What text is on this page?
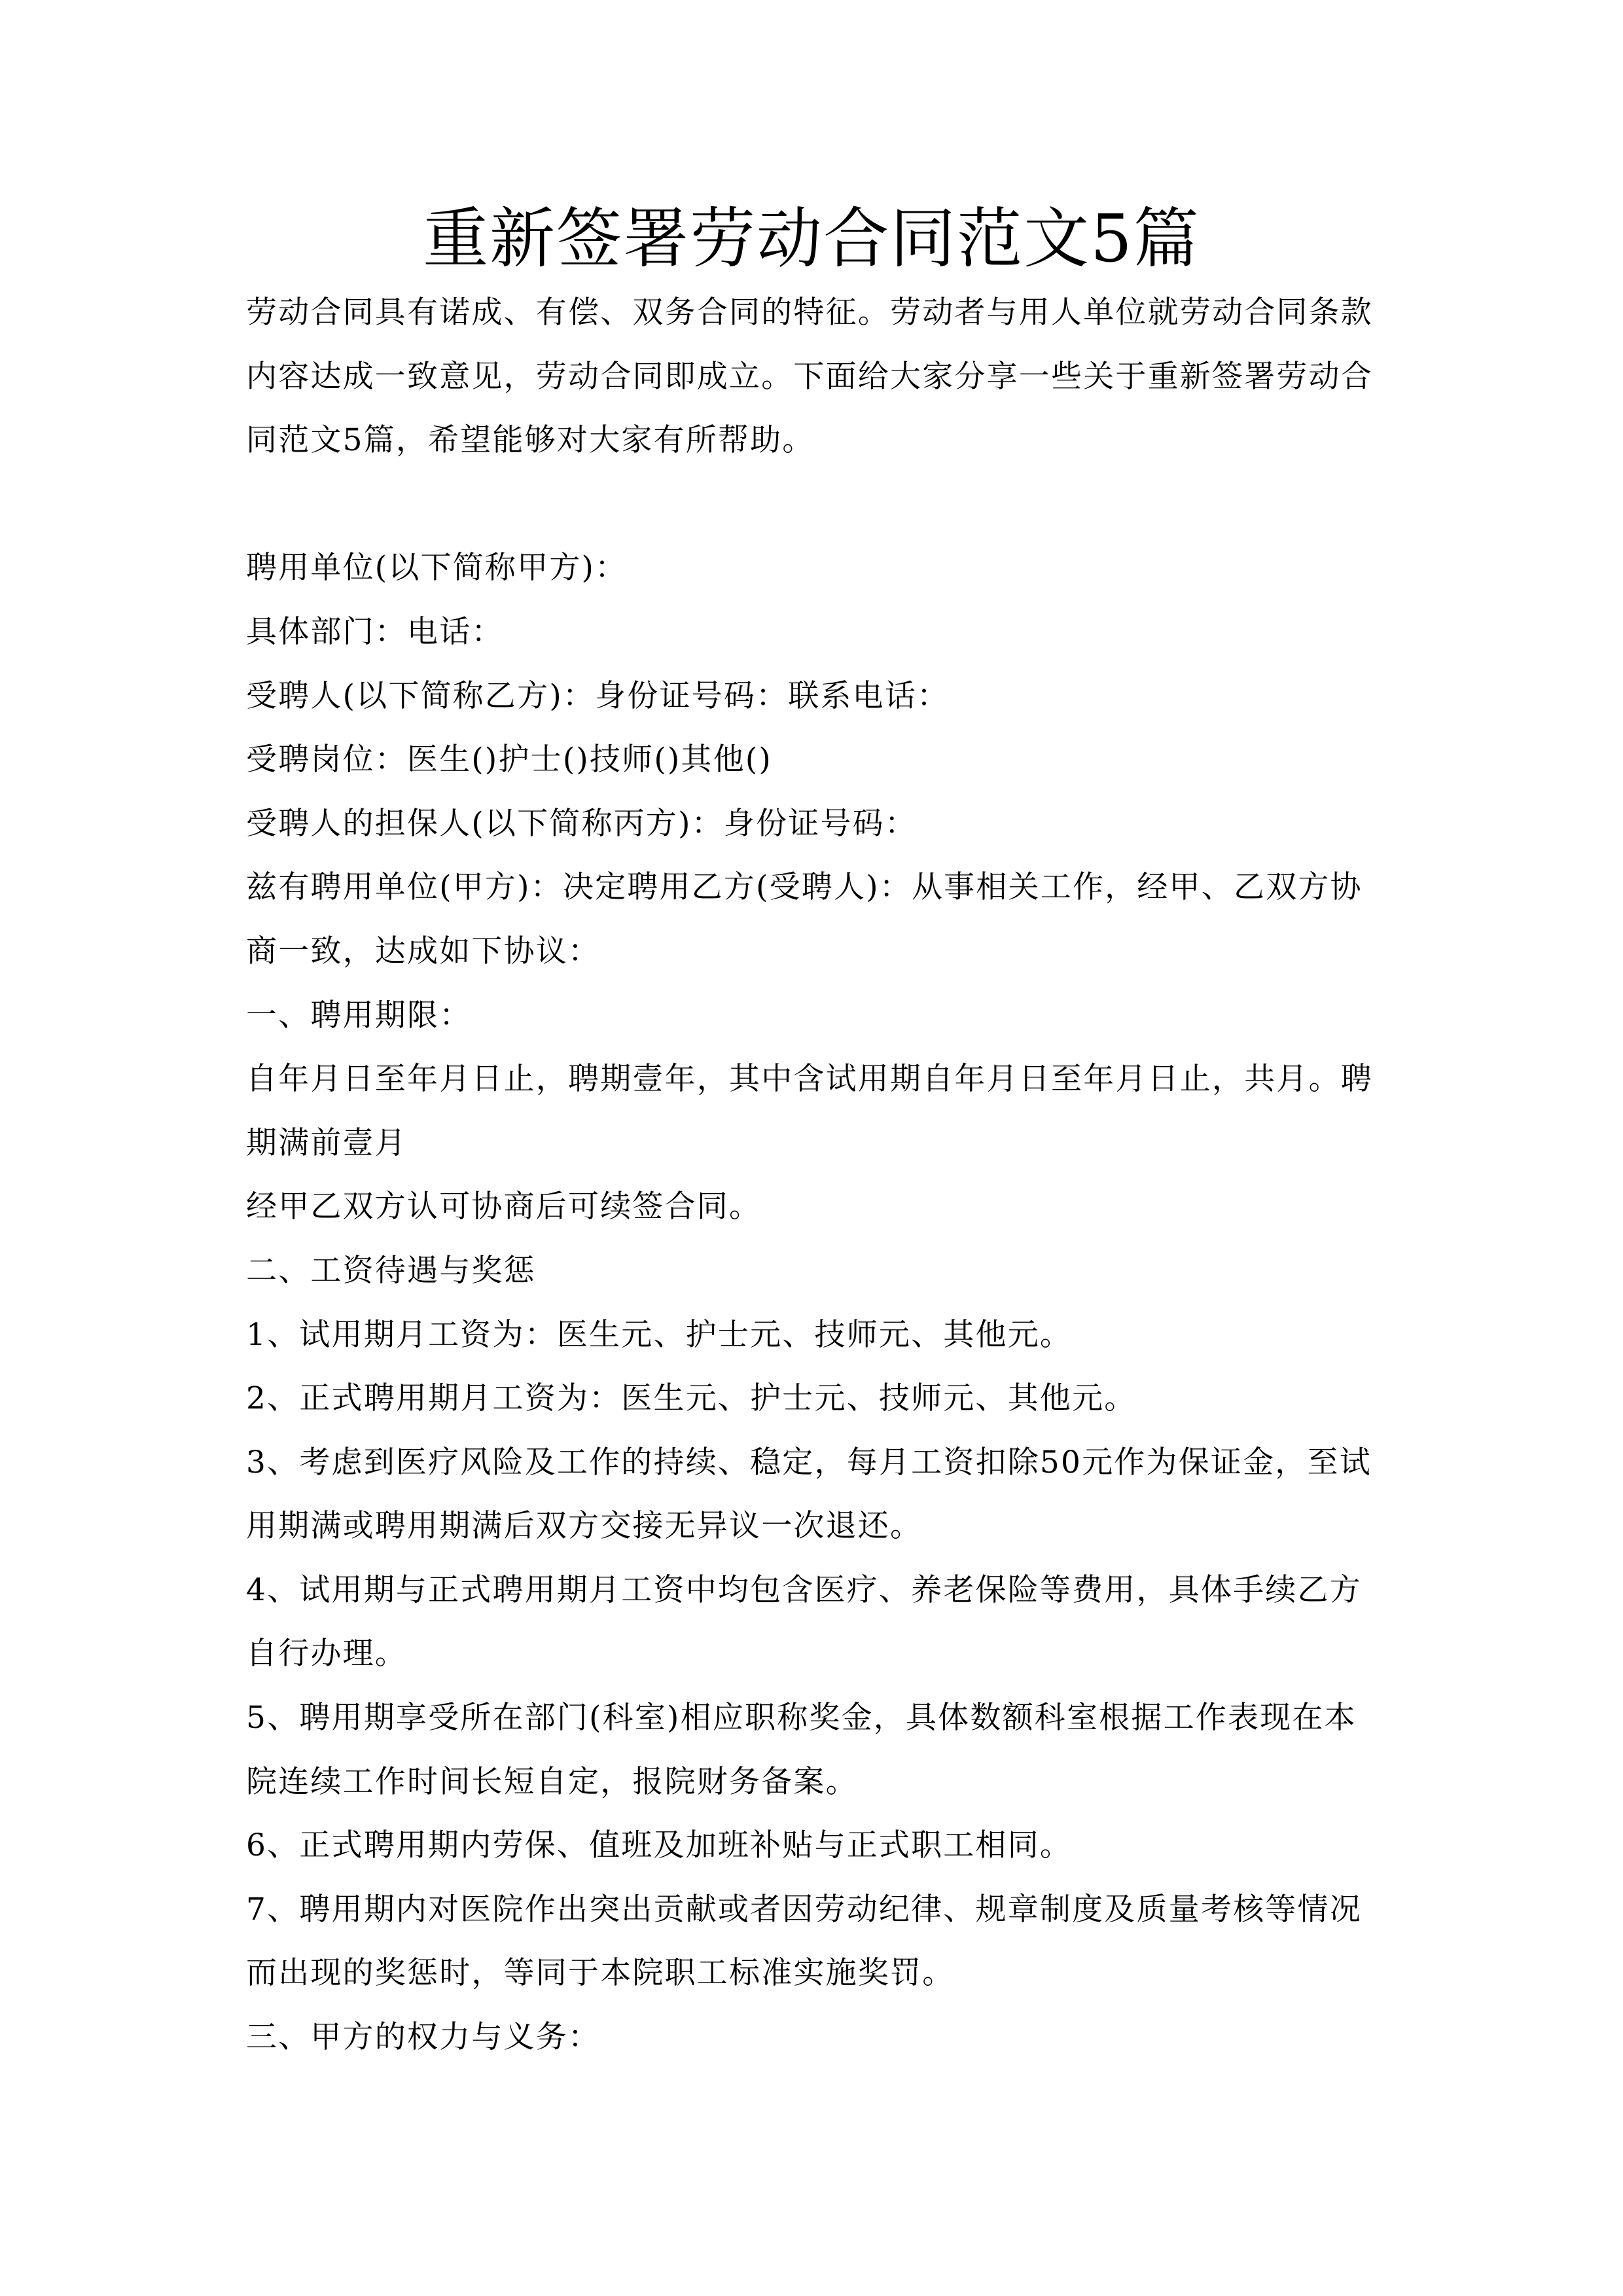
重新签署劳动合同范文5篇

劳动合同具有诺成、有偿、双务合同的特征。劳动者与用人单位就劳动合同条款

内容达成一致意见，劳动合同即成立。下面给大家分享一些关于重新签署劳动合

同范文5篇，希望能够对大家有所帮助。

聘用单位(以下简称甲方)：

具体部门：电话：

受聘人(以下简称乙方)：身份证号码：联系电话：

受聘岗位：医生()护士()技师()其他()

受聘人的担保人(以下简称丙方)：身份证号码：

兹有聘用单位(甲方)：决定聘用乙方(受聘人)：从事相关工作，经甲、乙双方协

商一致，达成如下协议：

一、聘用期限：

自年月日至年月日止，聘期壹年，其中含试用期自年月日至年月日止，共月。聘

期满前壹月

经甲乙双方认可协商后可续签合同。

二、工资待遇与奖惩

1、试用期月工资为：医生元、护士元、技师元、其他元。

2、正式聘用期月工资为：医生元、护士元、技师元、其他元。

3、考虑到医疗风险及工作的持续、稳定，每月工资扣除50元作为保证金，至试

用期满或聘用期满后双方交接无异议一次退还。

4、试用期与正式聘用期月工资中均包含医疗、养老保险等费用，具体手续乙方

自行办理。

5、聘用期享受所在部门(科室)相应职称奖金，具体数额科室根据工作表现在本

院连续工作时间长短自定，报院财务备案。

6、正式聘用期内劳保、值班及加班补贴与正式职工相同。

7、聘用期内对医院作出突出贡献或者因劳动纪律、规章制度及质量考核等情况

而出现的奖惩时，等同于本院职工标准实施奖罚。

三、甲方的权力与义务：
